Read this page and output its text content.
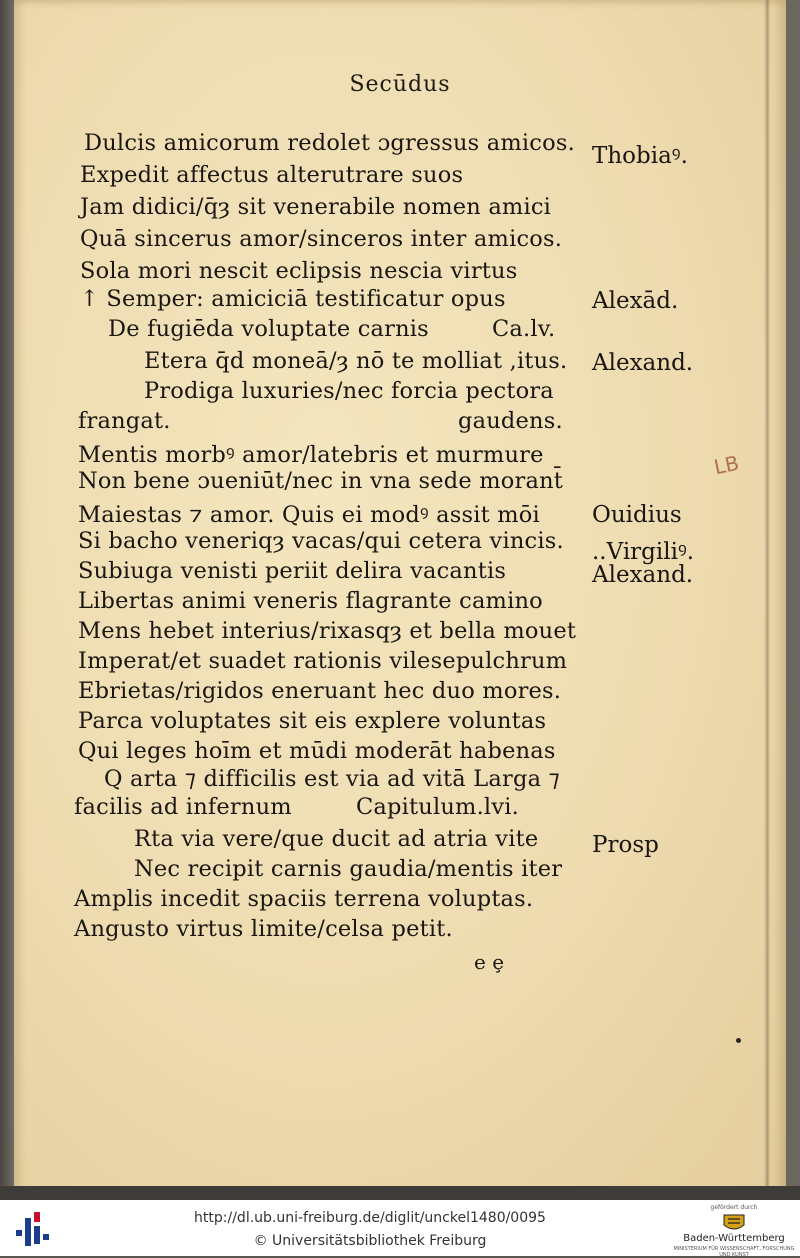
Secūdus
Dulcis amicorum redolet ɔgressus amicos.
Expedit affectus alterutrare suos
Jam didici/q̄ȝ sit venerabile nomen amici
Quā sincerus amor/sinceros inter amicos.
Sola mori nescit eclipsis nescia virtus
↑ Semper: amiciciā testificatur opus
De fugiēda voluptate carnis	Ca.lv.
Etera q̄d moneā/ȝ nō te molliat ,itus.
Prodiga luxuries/nec forcia pectora
frangat.	gaudens.
Mentis morbꝰ amor/latebris et murmure
Non bene ɔueniūt/nec in vna sede morant̄
Maiestas ⁊ amor. Quis ei modꝰ assit mōi
Si bacho veneriqȝ vacas/qui cetera vincis.
Subiuga venisti periit delira vacantis
Libertas animi veneris flagrante camino
Mens hebet interius/rixasqȝ et bella mouet
Imperat/et suadet rationis vilesepulchrum
Ebrietas/rigidos eneruant hec duo mores.
Parca voluptates sit eis explere voluntas
Qui leges hoīm et mūdi moderāt habenas
Q arta ⁊ difficilis est via ad vitā Larga ⁊
facilis ad infernum	Capitulum.lvi.
Rta via vere/que ducit ad atria vite
Nec recipit carnis gaudia/mentis iter
Amplis incedit spaciis terrena voluptas.
Angusto virtus limite/celsa petit.
Thobiaꝰ.
Alexād.
Alexand.
Ouidius
..Virgiliꝰ.
Alexand.
Prosp
LB
e ȩ
http://dl.ub.uni-freiburg.de/diglit/unckel1480/0095
© Universitätsbibliothek Freiburg
gefördert durch
Baden-Württemberg
MINISTERIUM FÜR WISSENSCHAFT, FORSCHUNG UND KUNST
